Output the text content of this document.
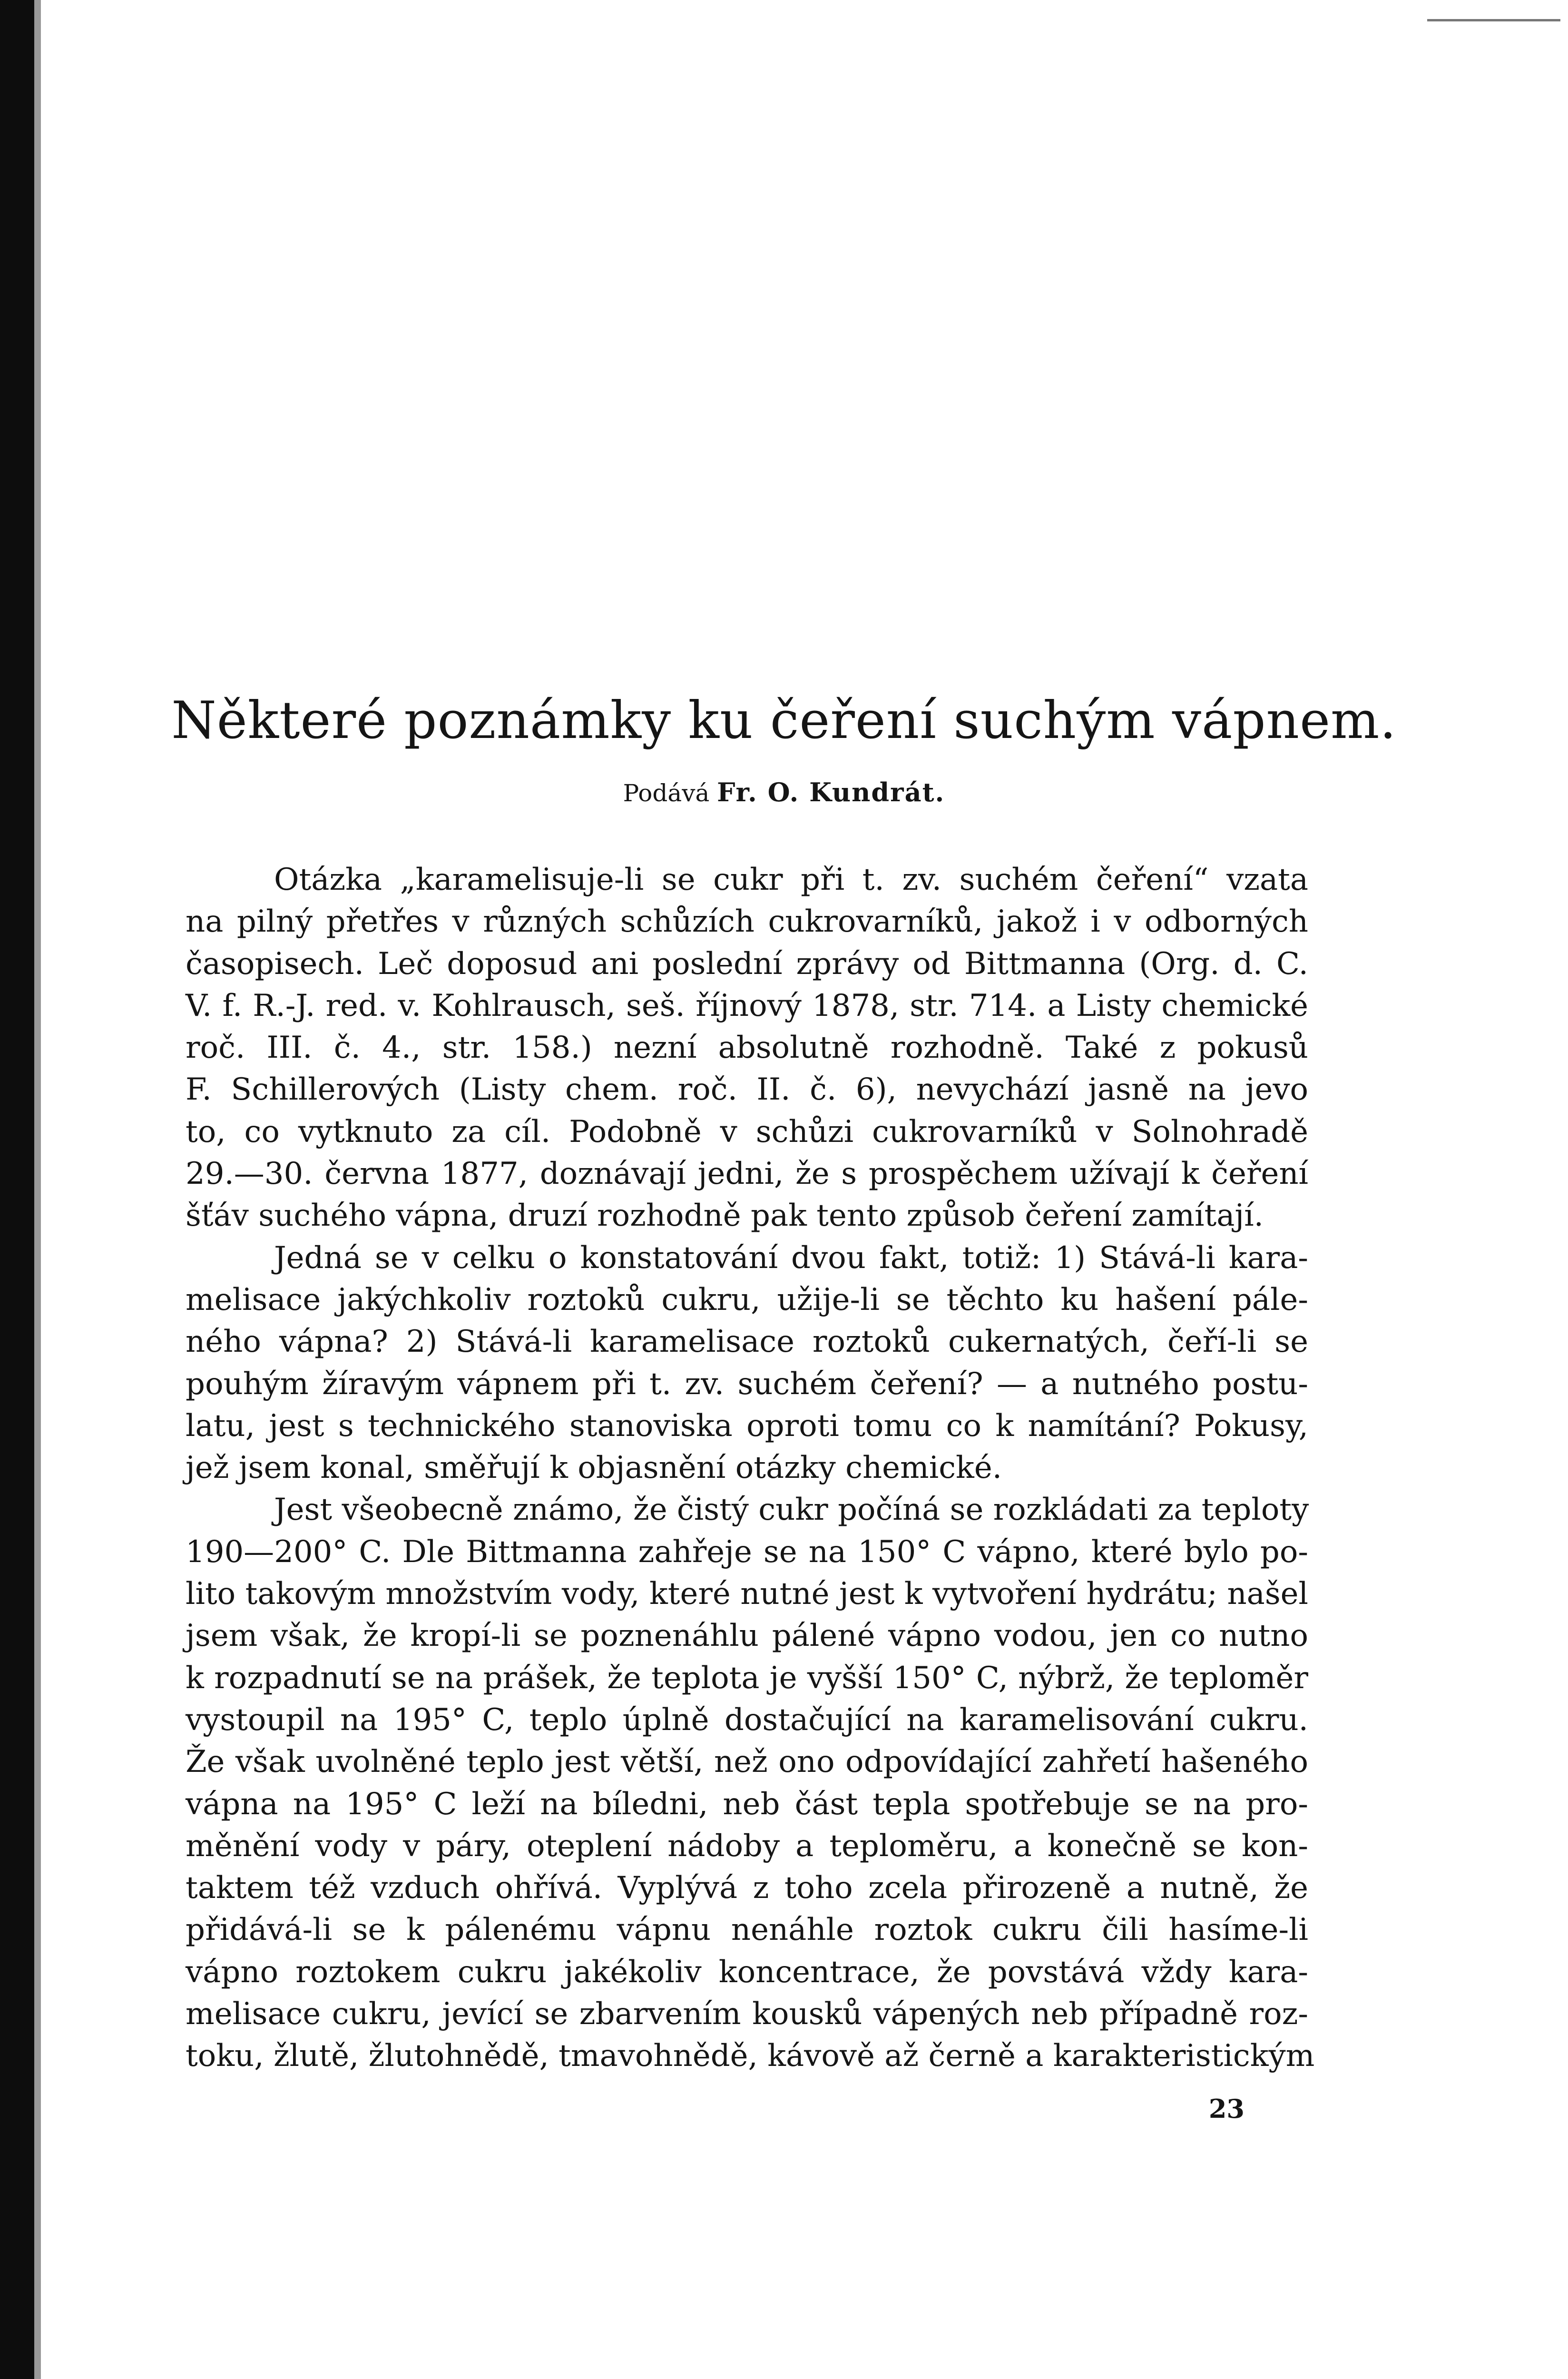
Některé poznámky ku čeření suchým vápnem.
Podává Fr. O. Kundrát.
Otázka „karamelisuje-li se cukr při t. zv. suchém čeření“ vzata
na pilný přetřes v různých schůzích cukrovarníků, jakož i v odborných
časopisech. Leč doposud ani poslední zprávy od Bittmanna (Org. d. C.
V. f. R.-J. red. v. Kohlrausch, seš. říjnový 1878, str. 714. a Listy chemické
roč. III. č. 4., str. 158.) nezní absolutně rozhodně. Také z pokusů
F. Schillerových (Listy chem. roč. II. č. 6), nevychází jasně na jevo
to, co vytknuto za cíl. Podobně v schůzi cukrovarníků v Solnohradě
29.—30. června 1877, doznávají jedni, že s prospěchem užívají k čeření
šťáv suchého vápna, druzí rozhodně pak tento způsob čeření zamítají.
Jedná se v celku o konstatování dvou fakt, totiž: 1) Stává-li kara-
melisace jakýchkoliv roztoků cukru, užije-li se těchto ku hašení pále-
ného vápna? 2) Stává-li karamelisace roztoků cukernatých, čeří-li se
pouhým žíravým vápnem při t. zv. suchém čeření? — a nutného postu-
latu, jest s technického stanoviska oproti tomu co k namítání? Pokusy,
jež jsem konal, směřují k objasnění otázky chemické.
Jest všeobecně známo, že čistý cukr počíná se rozkládati za teploty
190—200° C. Dle Bittmanna zahřeje se na 150° C vápno, které bylo po-
lito takovým množstvím vody, které nutné jest k vytvoření hydrátu; našel
jsem však, že kropí-li se poznenáhlu pálené vápno vodou, jen co nutno
k rozpadnutí se na prášek, že teplota je vyšší 150° C, nýbrž, že teploměr
vystoupil na 195° C, teplo úplně dostačující na karamelisování cukru.
Že však uvolněné teplo jest větší, než ono odpovídající zahřetí hašeného
vápna na 195° C leží na bíledni, neb část tepla spotřebuje se na pro-
měnění vody v páry, oteplení nádoby a teploměru, a konečně se kon-
taktem též vzduch ohřívá. Vyplývá z toho zcela přirozeně a nutně, že
přidává-li se k pálenému vápnu nenáhle roztok cukru čili hasíme-li
vápno roztokem cukru jakékoliv koncentrace, že povstává vždy kara-
melisace cukru, jevící se zbarvením kousků vápených neb případně roz-
toku, žlutě, žlutohnědě, tmavohnědě, kávově až černě a karakteristickým
23
